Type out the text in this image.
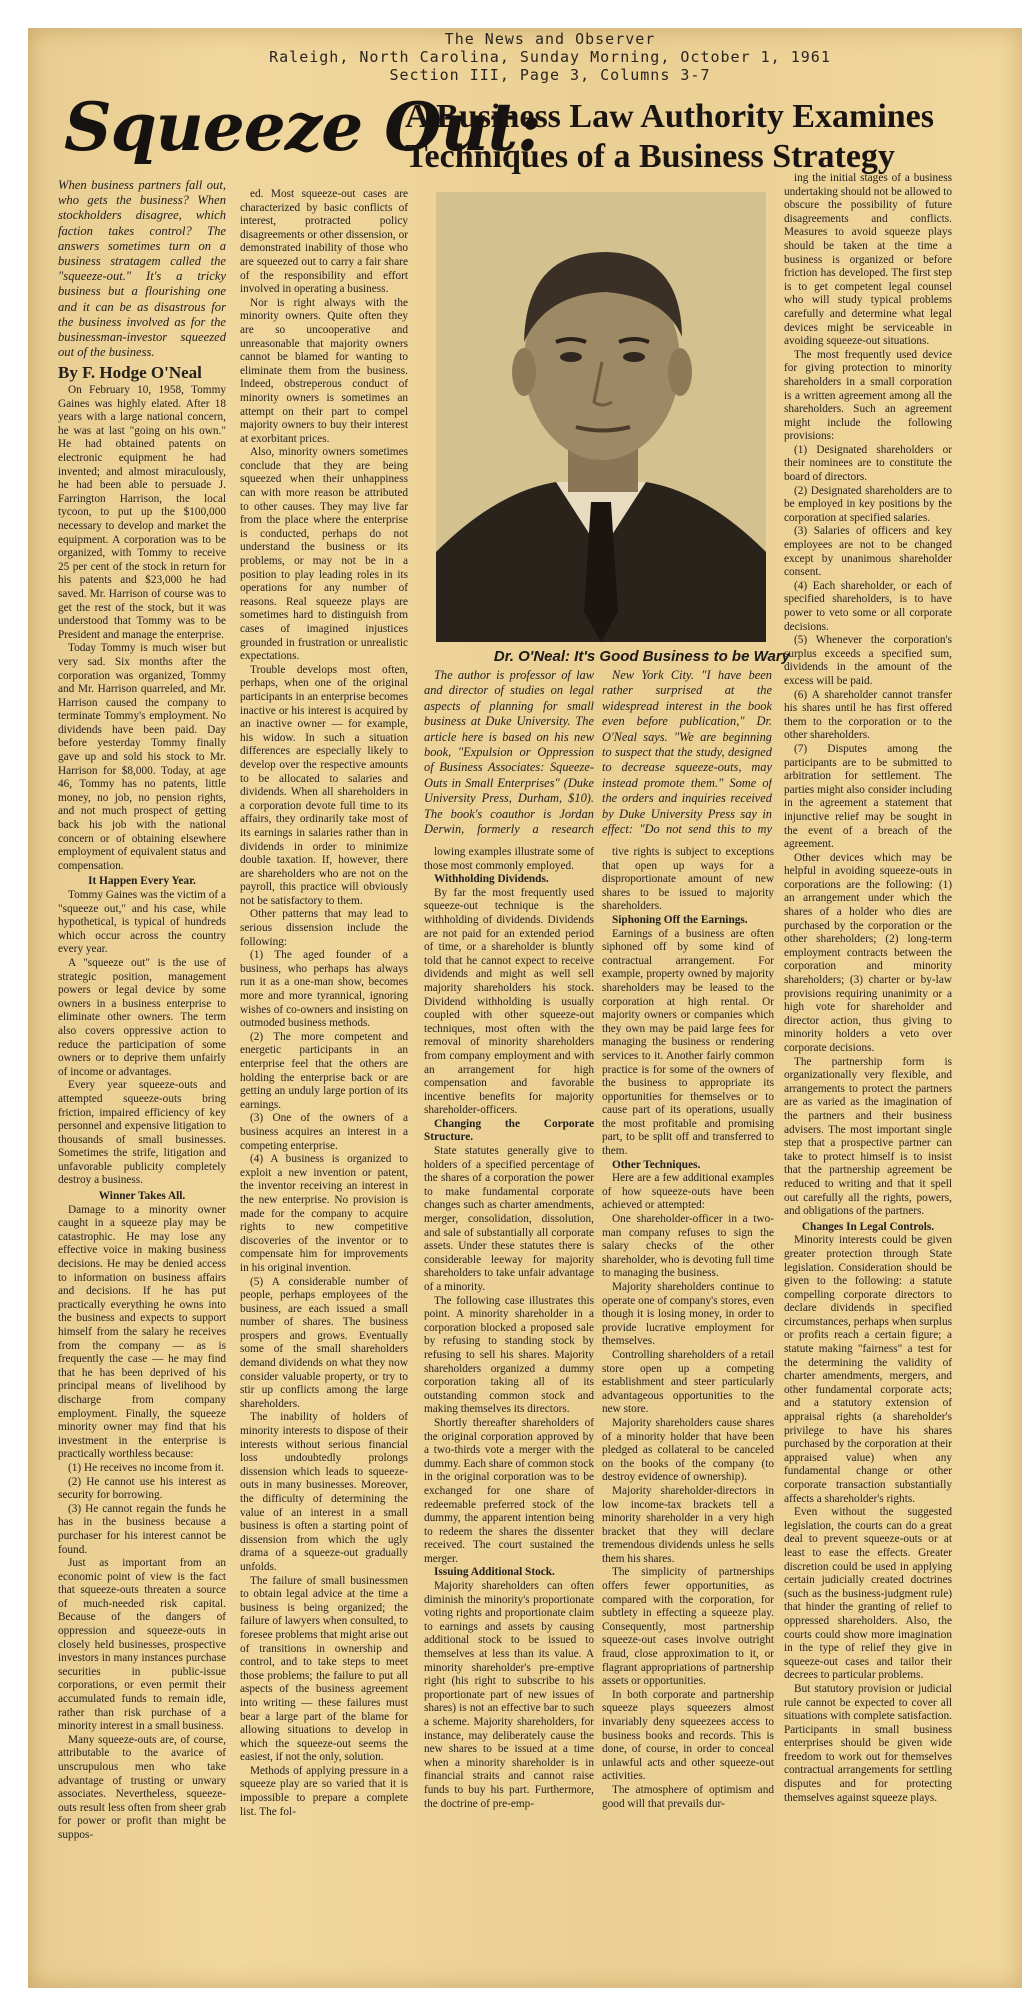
The News and Observer
Raleigh, North Carolina, Sunday Morning, October 1, 1961
Section III, Page 3, Columns 3-7
Squeeze Out:
A Business Law Authority Examines
Techniques of a Business Strategy
When business partners fall out, who gets the business? When stockholders disagree, which faction takes control? The answers sometimes turn on a business stratagem called the "squeeze-out." It's a tricky business but a flourishing one and it can be as disastrous for the business involved as for the businessman-investor squeezed out of the business.
By F. Hodge O'Neal

On February 10, 1958, Tommy Gaines was highly elated. After 18 years with a large national concern, he was at last "going on his own." He had obtained patents on electronic equipment he had invented; and almost miraculously, he had been able to persuade J. Farrington Harrison, the local tycoon, to put up the $100,000 necessary to develop and market the equipment. A corporation was to be organized, with Tommy to receive 25 per cent of the stock in return for his patents and $23,000 he had saved. Mr. Harrison of course was to get the rest of the stock, but it was understood that Tommy was to be President and manage the enterprise.

Today Tommy is much wiser but very sad. Six months after the corporation was organized, Tommy and Mr. Harrison quarreled, and Mr. Harrison caused the company to terminate Tommy's employment. No dividends have been paid. Day before yesterday Tommy finally gave up and sold his stock to Mr. Harrison for $8,000. Today, at age 46, Tommy has no patents, little money, no job, no pension rights, and not much prospect of getting back his job with the national concern or of obtaining elsewhere employment of equivalent status and compensation.

It Happen Every Year.

Tommy Gaines was the victim of a "squeeze out," and his case, while hypothetical, is typical of hundreds which occur across the country every year.

A "squeeze out" is the use of strategic position, management powers or legal device by some owners in a business enterprise to eliminate other owners. The term also covers oppressive action to reduce the participation of some owners or to deprive them unfairly of income or advantages.

Every year squeeze-outs and attempted squeeze-outs bring friction, impaired efficiency of key personnel and expensive litigation to thousands of small businesses. Sometimes the strife, litigation and unfavorable publicity completely destroy a business.

Winner Takes All.

Damage to a minority owner caught in a squeeze play may be catastrophic. He may lose any effective voice in making business decisions. He may be denied access to information on business affairs and decisions. If he has put practically everything he owns into the business and expects to support himself from the salary he receives from the company — as is frequently the case — he may find that he has been deprived of his principal means of livelihood by discharge from company employment. Finally, the squeeze minority owner may find that his investment in the enterprise is practically worthless because:

(1) He receives no income from it.

(2) He cannot use his interest as security for borrowing.

(3) He cannot regain the funds he has in the business because a purchaser for his interest cannot be found.

Just as important from an economic point of view is the fact that squeeze-outs threaten a source of much-needed risk capital. Because of the dangers of oppression and squeeze-outs in closely held businesses, prospective investors in many instances purchase securities in public-issue corporations, or even permit their accumulated funds to remain idle, rather than risk purchase of a minority interest in a small business.

Many squeeze-outs are, of course, attributable to the avarice of unscrupulous men who take advantage of trusting or unwary associates. Nevertheless, squeeze-outs result less often from sheer grab for power or profit than might be suppos-

ed. Most squeeze-out cases are characterized by basic conflicts of interest, protracted policy disagreements or other dissension, or demonstrated inability of those who are squeezed out to carry a fair share of the responsibility and effort involved in operating a business.

Nor is right always with the minority owners. Quite often they are so uncooperative and unreasonable that majority owners cannot be blamed for wanting to eliminate them from the business. Indeed, obstreperous conduct of minority owners is sometimes an attempt on their part to compel majority owners to buy their interest at exorbitant prices.

Also, minority owners sometimes conclude that they are being squeezed when their unhappiness can with more reason be attributed to other causes. They may live far from the place where the enterprise is conducted, perhaps do not understand the business or its problems, or may not be in a position to play leading roles in its operations for any number of reasons. Real squeeze plays are sometimes hard to distinguish from cases of imagined injustices grounded in frustration or unrealistic expectations.

Trouble develops most often, perhaps, when one of the original participants in an enterprise becomes inactive or his interest is acquired by an inactive owner — for example, his widow. In such a situation differences are especially likely to develop over the respective amounts to be allocated to salaries and dividends. When all shareholders in a corporation devote full time to its affairs, they ordinarily take most of its earnings in salaries rather than in dividends in order to minimize double taxation. If, however, there are shareholders who are not on the payroll, this practice will obviously not be satisfactory to them.

Other patterns that may lead to serious dissension include the following:

(1) The aged founder of a business, who perhaps has always run it as a one-man show, becomes more and more tyrannical, ignoring wishes of co-owners and insisting on outmoded business methods.

(2) The more competent and energetic participants in an enterprise feel that the others are holding the enterprise back or are getting an unduly large portion of its earnings.

(3) One of the owners of a business acquires an interest in a competing enterprise.

(4) A business is organized to exploit a new invention or patent, the inventor receiving an interest in the new enterprise. No provision is made for the company to acquire rights to new competitive discoveries of the inventor or to compensate him for improvements in his original invention.

(5) A considerable number of people, perhaps employees of the business, are each issued a small number of shares. The business prospers and grows. Eventually some of the small shareholders demand dividends on what they now consider valuable property, or try to stir up conflicts among the large shareholders.

The inability of holders of minority interests to dispose of their interests without serious financial loss undoubtedly prolongs dissension which leads to squeeze-outs in many businesses. Moreover, the difficulty of determining the value of an interest in a small business is often a starting point of dissension from which the ugly drama of a squeeze-out gradually unfolds.

The failure of small businessmen to obtain legal advice at the time a business is being organized; the failure of lawyers when consulted, to foresee problems that might arise out of transitions in ownership and control, and to take steps to meet those problems; the failure to put all aspects of the business agreement into writing — these failures must bear a large part of the blame for allowing situations to develop in which the squeeze-out seems the easiest, if not the only, solution.

Methods of applying pressure in a squeeze play are so varied that it is impossible to prepare a complete list. The fol-

Dr. O'Neal: It's Good Business to be Wary

The author is professor of law and director of studies on legal aspects of planning for small business at Duke University. The article here is based on his new book, "Expulsion or Oppression of Business Associates: Squeeze-Outs in Small Enterprises" (Duke University Press, Durham, $10). The book's coauthor is Jordan Derwin, formerly a research

New York City. "I have been rather surprised at the widespread interest in the book even before publication," Dr. O'Neal says. "We are beginning to suspect that the study, designed to decrease squeeze-outs, may instead promote them." Some of the orders and inquiries received by Duke University Press say in effect: "Do not send this to my

lowing examples illustrate some of those most commonly employed.

Withholding Dividends.

By far the most frequently used squeeze-out technique is the withholding of dividends. Dividends are not paid for an extended period of time, or a shareholder is bluntly told that he cannot expect to receive dividends and might as well sell majority shareholders his stock. Dividend withholding is usually coupled with other squeeze-out techniques, most often with the removal of minority shareholders from company employment and with an arrangement for high compensation and favorable incentive benefits for majority shareholder-officers.

Changing the Corporate Structure.

State statutes generally give to holders of a specified percentage of the shares of a corporation the power to make fundamental corporate changes such as charter amendments, merger, consolidation, dissolution, and sale of substantially all corporate assets. Under these statutes there is considerable leeway for majority shareholders to take unfair advantage of a minority.

The following case illustrates this point. A minority shareholder in a corporation blocked a proposed sale by refusing to standing stock by refusing to sell his shares. Majority shareholders organized a dummy corporation taking all of its outstanding common stock and making themselves its directors.

Shortly thereafter shareholders of the original corporation approved by a two-thirds vote a merger with the dummy. Each share of common stock in the original corporation was to be exchanged for one share of redeemable preferred stock of the dummy, the apparent intention being to redeem the shares the dissenter received. The court sustained the merger.

Issuing Additional Stock.

Majority shareholders can often diminish the minority's proportionate voting rights and proportionate claim to earnings and assets by causing additional stock to be issued to themselves at less than its value. A minority shareholder's pre-emptive right (his right to subscribe to his proportionate part of new issues of shares) is not an effective bar to such a scheme. Majority shareholders, for instance, may deliberately cause the new shares to be issued at a time when a minority shareholder is in financial straits and cannot raise funds to buy his part. Furthermore, the doctrine of pre-emp-

tive rights is subject to exceptions that open up ways for a disproportionate amount of new shares to be issued to majority shareholders.

Siphoning Off the Earnings.

Earnings of a business are often siphoned off by some kind of contractual arrangement. For example, property owned by majority shareholders may be leased to the corporation at high rental. Or majority owners or companies which they own may be paid large fees for managing the business or rendering services to it. Another fairly common practice is for some of the owners of the business to appropriate its opportunities for themselves or to cause part of its operations, usually the most profitable and promising part, to be split off and transferred to them.

Other Techniques.

Here are a few additional examples of how squeeze-outs have been achieved or attempted:

One shareholder-officer in a two-man company refuses to sign the salary checks of the other shareholder, who is devoting full time to managing the business.

Majority shareholders continue to operate one of company's stores, even though it is losing money, in order to provide lucrative employment for themselves.

Controlling shareholders of a retail store open up a competing establishment and steer particularly advantageous opportunities to the new store.

Majority shareholders cause shares of a minority holder that have been pledged as collateral to be canceled on the books of the company (to destroy evidence of ownership).

Majority shareholder-directors in low income-tax brackets tell a minority shareholder in a very high bracket that they will declare tremendous dividends unless he sells them his shares.

The simplicity of partnerships offers fewer opportunities, as compared with the corporation, for subtlety in effecting a squeeze play. Consequently, most partnership squeeze-out cases involve outright fraud, close approximation to it, or flagrant appropriations of partnership assets or opportunities.

In both corporate and partnership squeeze plays squeezers almost invariably deny squeezees access to business books and records. This is done, of course, in order to conceal unlawful acts and other squeeze-out activities.

The atmosphere of optimism and good will that prevails dur-

ing the initial stages of a business undertaking should not be allowed to obscure the possibility of future disagreements and conflicts. Measures to avoid squeeze plays should be taken at the time a business is organized or before friction has developed. The first step is to get competent legal counsel who will study typical problems carefully and determine what legal devices might be serviceable in avoiding squeeze-out situations.

The most frequently used device for giving protection to minority shareholders in a small corporation is a written agreement among all the shareholders. Such an agreement might include the following provisions:

(1) Designated shareholders or their nominees are to constitute the board of directors.

(2) Designated shareholders are to be employed in key positions by the corporation at specified salaries.

(3) Salaries of officers and key employees are not to be changed except by unanimous shareholder consent.

(4) Each shareholder, or each of specified shareholders, is to have power to veto some or all corporate decisions.

(5) Whenever the corporation's surplus exceeds a specified sum, dividends in the amount of the excess will be paid.

(6) A shareholder cannot transfer his shares until he has first offered them to the corporation or to the other shareholders.

(7) Disputes among the participants are to be submitted to arbitration for settlement. The parties might also consider including in the agreement a statement that injunctive relief may be sought in the event of a breach of the agreement.

Other devices which may be helpful in avoiding squeeze-outs in corporations are the following: (1) an arrangement under which the shares of a holder who dies are purchased by the corporation or the other shareholders; (2) long-term employment contracts between the corporation and minority shareholders; (3) charter or by-law provisions requiring unanimity or a high vote for shareholder and director action, thus giving to minority holders a veto over corporate decisions.

The partnership form is organizationally very flexible, and arrangements to protect the partners are as varied as the imagination of the partners and their business advisers. The most important single step that a prospective partner can take to protect himself is to insist that the partnership agreement be reduced to writing and that it spell out carefully all the rights, powers, and obligations of the partners.

Changes In Legal Controls.

Minority interests could be given greater protection through State legislation. Consideration should be given to the following: a statute compelling corporate directors to declare dividends in specified circumstances, perhaps when surplus or profits reach a certain figure; a statute making "fairness" a test for the determining the validity of charter amendments, mergers, and other fundamental corporate acts; and a statutory extension of appraisal rights (a shareholder's privilege to have his shares purchased by the corporation at their appraised value) when any fundamental change or other corporate transaction substantially affects a shareholder's rights.

Even without the suggested legislation, the courts can do a great deal to prevent squeeze-outs or at least to ease the effects. Greater discretion could be used in applying certain judicially created doctrines (such as the business-judgment rule) that hinder the granting of relief to oppressed shareholders. Also, the courts could show more imagination in the type of relief they give in squeeze-out cases and tailor their decrees to particular problems.

But statutory provision or judicial rule cannot be expected to cover all situations with complete satisfaction. Participants in small business enterprises should be given wide freedom to work out for themselves contractual arrangements for settling disputes and for protecting themselves against squeeze plays.
